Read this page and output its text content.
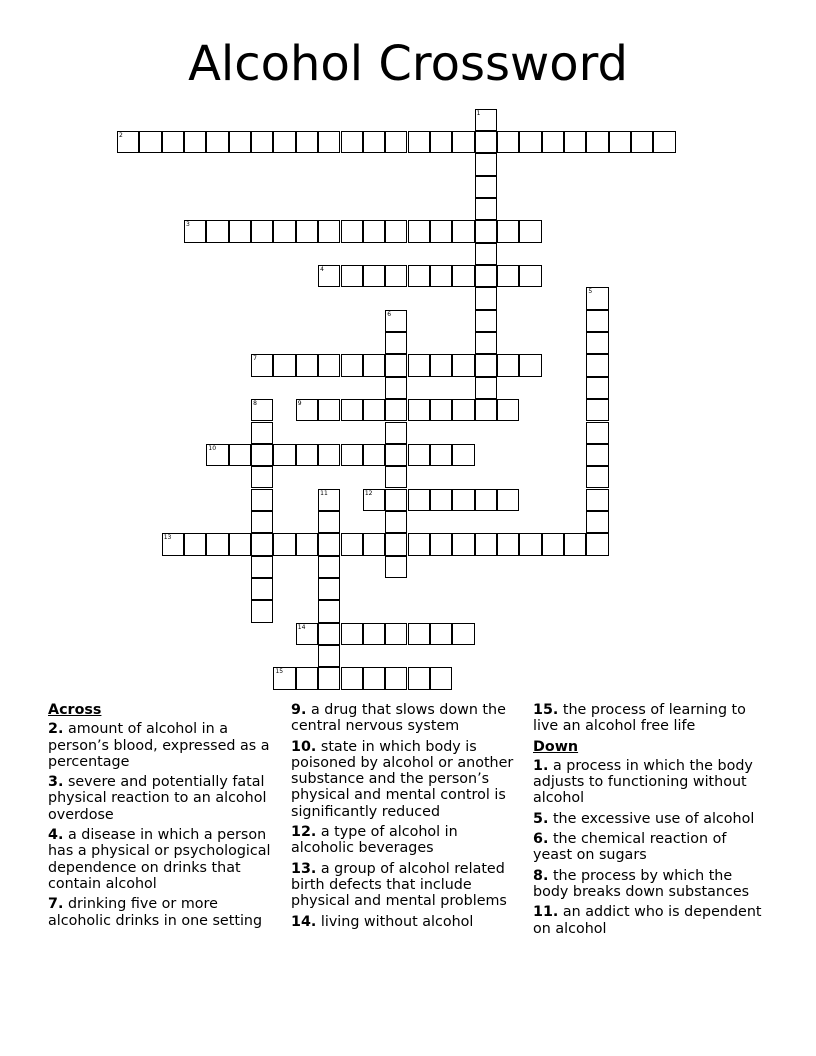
Alcohol Crossword
1
2
3
4
5
6
7
8	9
10
11	12
13
14
15

Across

2. amount of alcohol in a person’s blood, expressed as a percentage

3. severe and potentially fatal physical reaction to an alcohol overdose

4. a disease in which a person has a physical or psychological dependence on drinks that contain alcohol

7. drinking five or more alcoholic drinks in one setting

9. a drug that slows down the central nervous system

10. state in which body is poisoned by alcohol or another substance and the person’s physical and mental control is significantly reduced

12. a type of alcohol in alcoholic beverages

13. a group of alcohol related birth defects that include physical and mental problems

14. living without alcohol

15. the process of learning to live an alcohol free life

Down

1. a process in which the body adjusts to functioning without alcohol

5. the excessive use of alcohol

6. the chemical reaction of yeast on sugars

8. the process by which the body breaks down substances

11. an addict who is dependent on alcohol
